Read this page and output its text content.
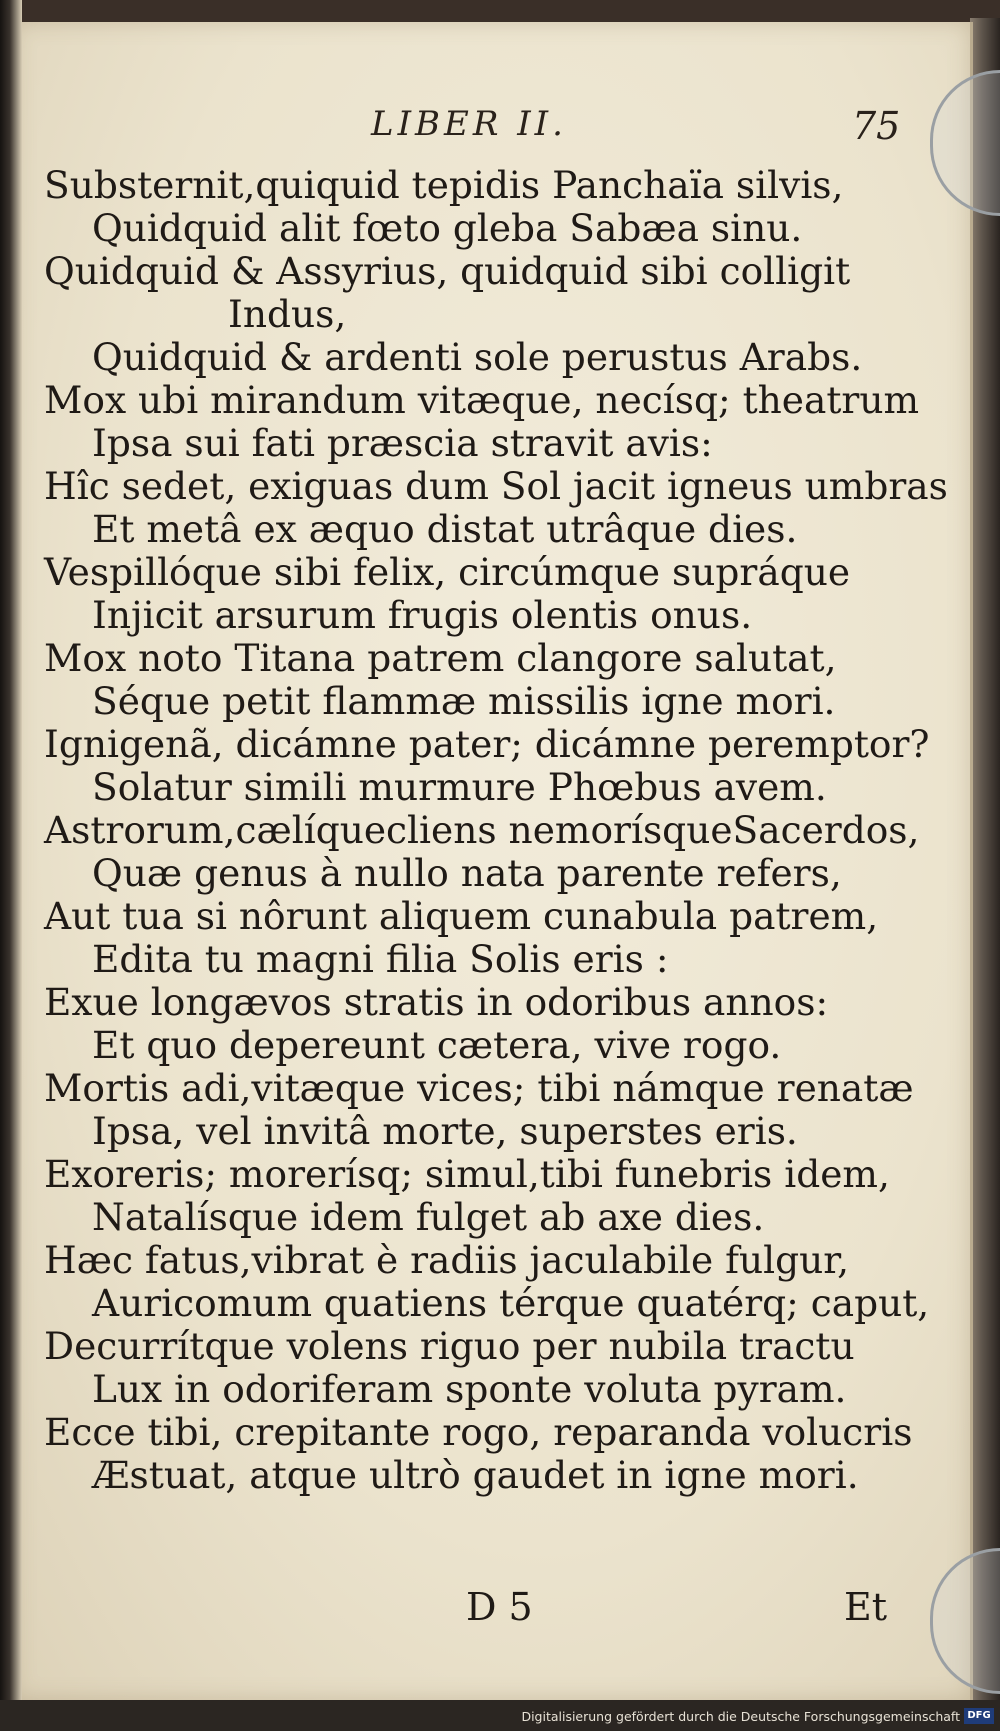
LIBER II.	75
Substernit,quiquid tepidis Panchaïa silvis,
Quidquid alit fœto gleba Sabæa sinu.
Quidquid & Assyrius, quidquid sibi colligit
Indus,
Quidquid & ardenti sole perustus Arabs.
Mox ubi mirandum vitæque, necísq; theatrum
Ipsa sui fati præscia stravit avis:
Hîc sedet, exiguas dum Sol jacit igneus umbras
Et metâ ex æquo distat utrâque dies.
Vespillóque sibi felix, circúmque supráque
Injicit arsurum frugis olentis onus.
Mox noto Titana patrem clangore salutat,
Séque petit flammæ missilis igne mori.
Ignigenã, dicámne pater; dicámne peremptor?
Solatur simili murmure Phœbus avem.
Astrorum,cælíquecliens nemorísqueSacerdos,
Quæ genus à nullo nata parente refers,
Aut tua si nôrunt aliquem cunabula patrem,
Edita tu magni filia Solis eris :
Exue longævos stratis in odoribus annos:
Et quo depereunt cætera, vive rogo.
Mortis adi,vitæque vices; tibi námque renatæ
Ipsa, vel invitâ morte, superstes eris.
Exoreris; morerísq; simul,tibi funebris idem,
Natalísque idem fulget ab axe dies.
Hæc fatus,vibrat è radiis jaculabile fulgur,
Auricomum quatiens térque quatérq; caput,
Decurrítque volens riguo per nubila tractu
Lux in odoriferam sponte voluta pyram.
Ecce tibi, crepitante rogo, reparanda volucris
Æstuat, atque ultrò gaudet in igne mori.
D 5	Et
Digitalisierung gefördert durch die Deutsche Forschungsgemeinschaft DFG
